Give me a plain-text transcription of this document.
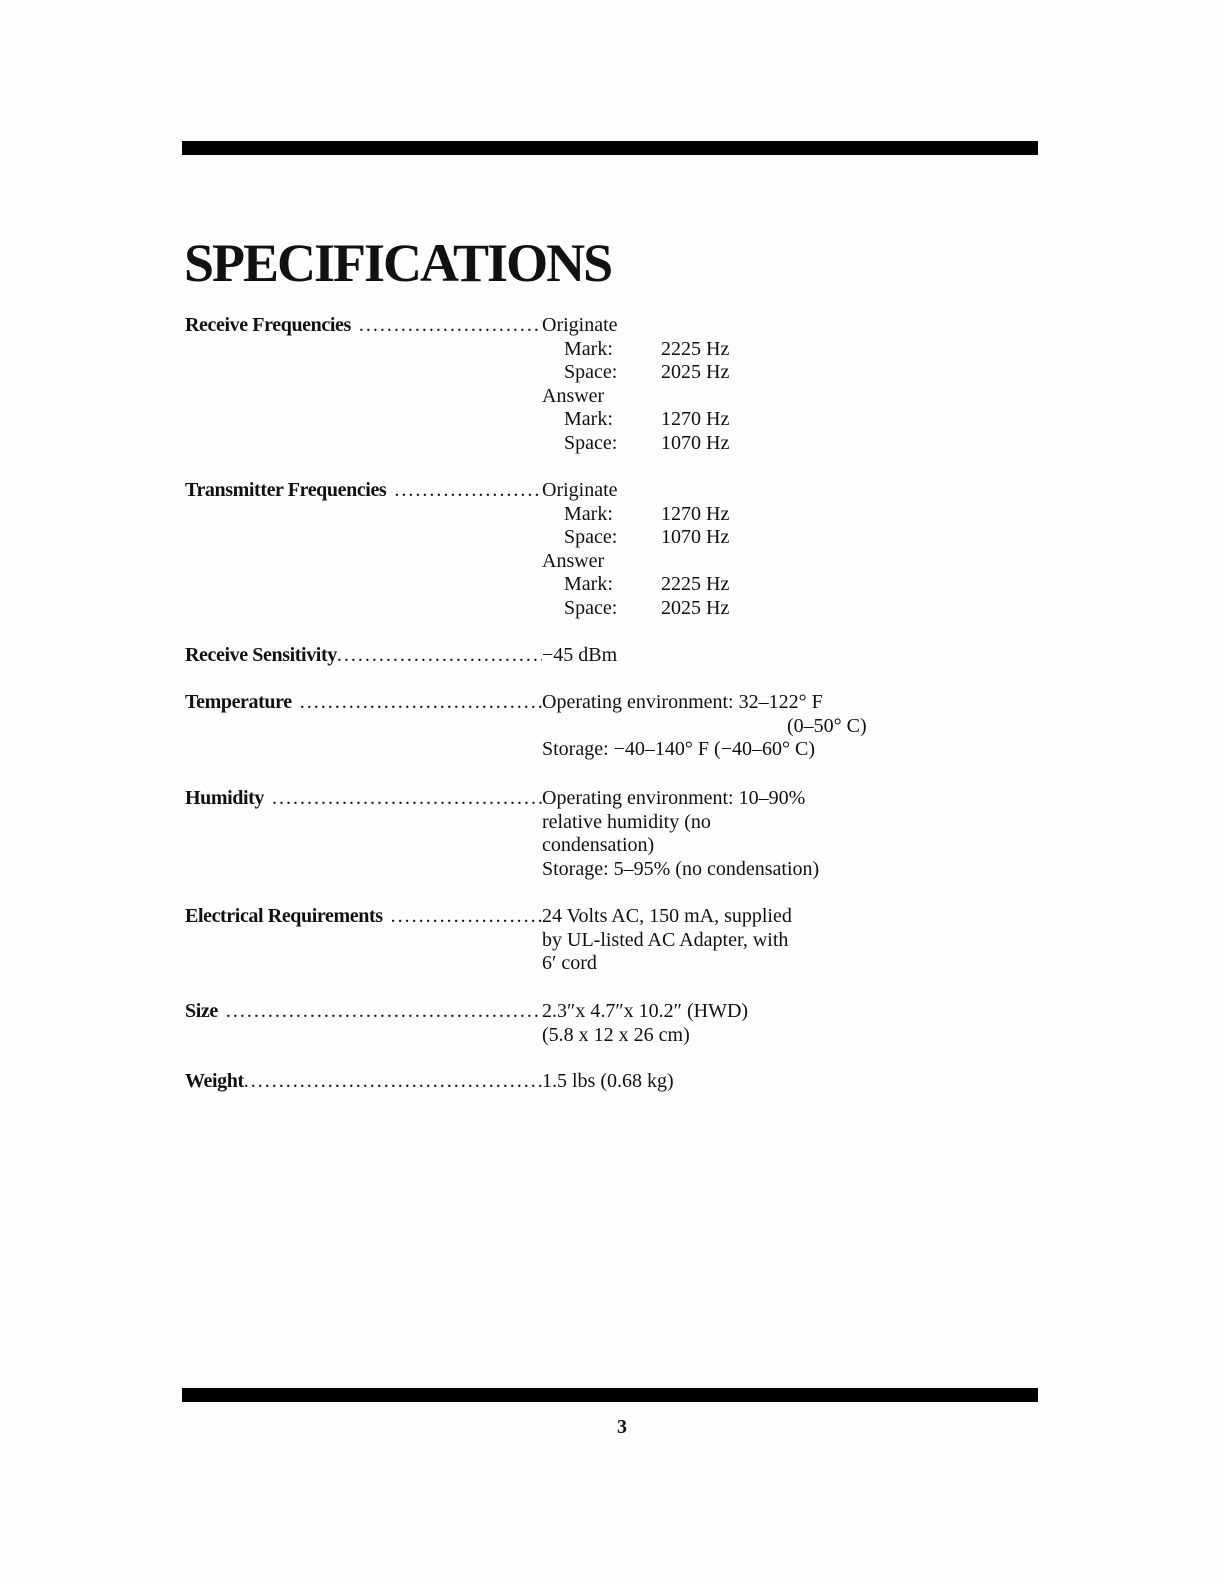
SPECIFICATIONS
Receive Frequencies .....	Originate
Mark:	2225 Hz
Space:	2025 Hz
Answer
Mark:	1270 Hz
Space:	1070 Hz
Transmitter Frequencies .....	Originate
Mark:	1270 Hz
Space:	1070 Hz
Answer
Mark:	2225 Hz
Space:	2025 Hz
Receive Sensitivity .....	−45 dBm
Temperature .....	Operating environment: 32–122° F
(0–50° C)
Storage: −40–140° F (−40–60° C)
Humidity .....	Operating environment: 10–90%
relative humidity (no
condensation)
Storage: 5–95% (no condensation)
Electrical Requirements .....	24 Volts AC, 150 mA, supplied
by UL-listed AC Adapter, with
6′ cord
Size .....	2.3″x 4.7″x 10.2″ (HWD)
(5.8 x 12 x 26 cm)
Weight .....	1.5 lbs (0.68 kg)
3
